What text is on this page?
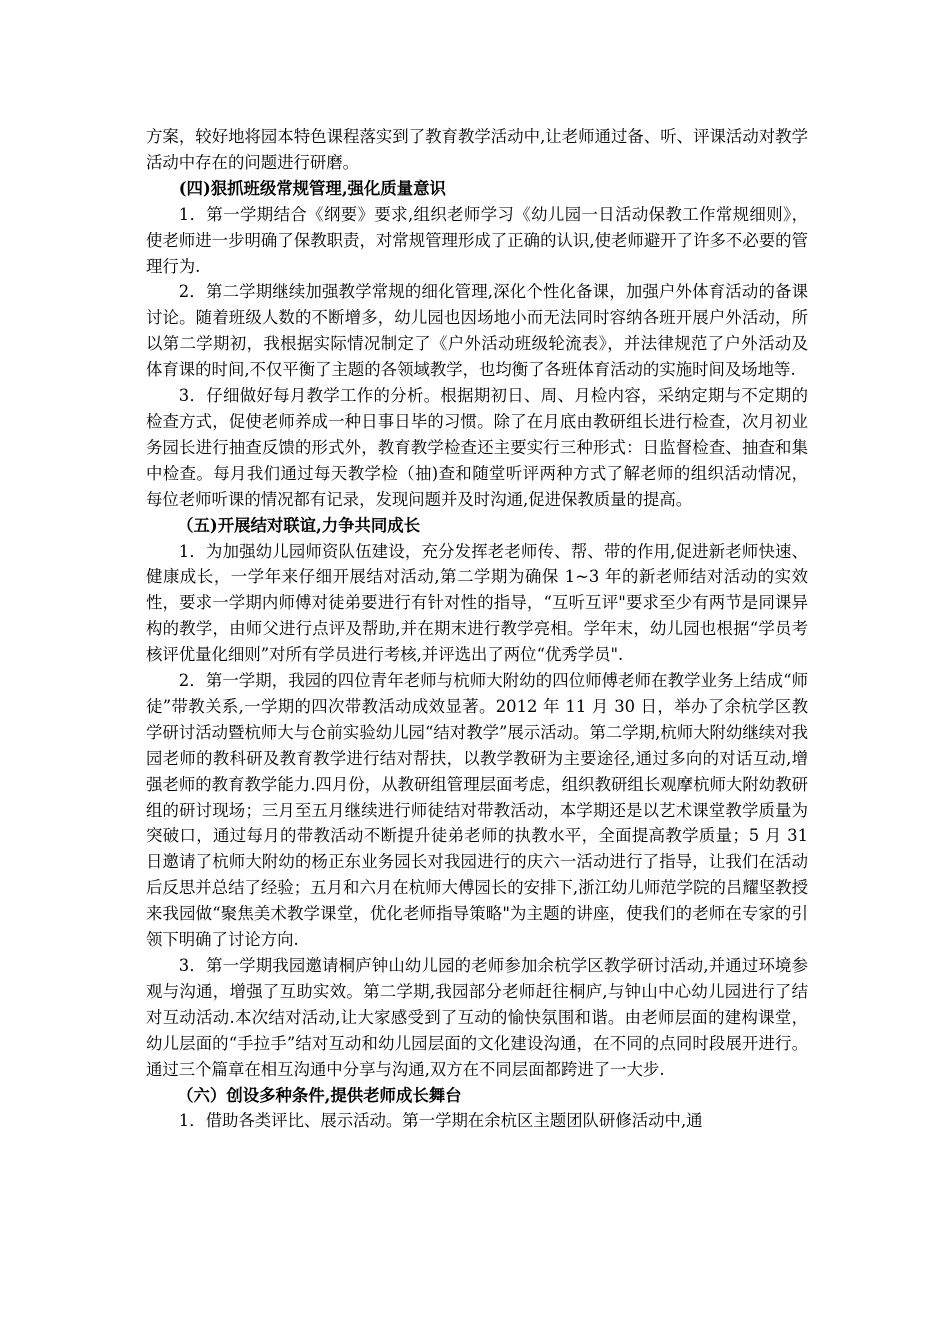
方案，较好地将园本特色课程落实到了教育教学活动中,让老师通过备、听、评课活动对教学活动中存在的问题进行研磨。

(四)狠抓班级常规管理,强化质量意识

1．第一学期结合《纲要》要求,组织老师学习《幼儿园一日活动保教工作常规细则》，使老师进一步明确了保教职责，对常规管理形成了正确的认识,使老师避开了许多不必要的管理行为.

2．第二学期继续加强教学常规的细化管理,深化个性化备课，加强户外体育活动的备课讨论。随着班级人数的不断增多，幼儿园也因场地小而无法同时容纳各班开展户外活动，所以第二学期初，我根据实际情况制定了《户外活动班级轮流表》，并法律规范了户外活动及体育课的时间,不仅平衡了主题的各领域教学，也均衡了各班体育活动的实施时间及场地等.

3．仔细做好每月教学工作的分析。根据期初日、周、月检内容，采纳定期与不定期的检查方式，促使老师养成一种日事日毕的习惯。除了在月底由教研组长进行检查，次月初业务园长进行抽查反馈的形式外，教育教学检查还主要实行三种形式：日监督检查、抽查和集中检查。每月我们通过每天教学检（抽)查和随堂听评两种方式了解老师的组织活动情况，每位老师听课的情况都有记录，发现问题并及时沟通,促进保教质量的提高。

（五)开展结对联谊,力争共同成长

1．为加强幼儿园师资队伍建设，充分发挥老老师传、帮、带的作用,促进新老师快速、健康成长，一学年来仔细开展结对活动,第二学期为确保 1~3 年的新老师结对活动的实效性，要求一学期内师傅对徒弟要进行有针对性的指导，“互听互评"要求至少有两节是同课异构的教学，由师父进行点评及帮助,并在期末进行教学亮相。学年末，幼儿园也根据“学员考核评优量化细则”对所有学员进行考核,并评选出了两位“优秀学员".

2．第一学期，我园的四位青年老师与杭师大附幼的四位师傅老师在教学业务上结成“师徒”带教关系,一学期的四次带教活动成效显著。2012 年 11 月 30 日，举办了余杭学区教学研讨活动暨杭师大与仓前实验幼儿园“结对教学”展示活动。第二学期,杭师大附幼继续对我园老师的教科研及教育教学进行结对帮扶，以教学教研为主要途径,通过多向的对话互动,增强老师的教育教学能力.四月份，从教研组管理层面考虑，组织教研组长观摩杭师大附幼教研组的研讨现场；三月至五月继续进行师徒结对带教活动，本学期还是以艺术课堂教学质量为突破口，通过每月的带教活动不断提升徒弟老师的执教水平，全面提高教学质量；5 月 31 日邀请了杭师大附幼的杨正东业务园长对我园进行的庆六一活动进行了指导，让我们在活动后反思并总结了经验；五月和六月在杭师大傅园长的安排下,浙江幼儿师范学院的吕耀坚教授来我园做“聚焦美术教学课堂，优化老师指导策略"为主题的讲座，使我们的老师在专家的引领下明确了讨论方向.

3．第一学期我园邀请桐庐钟山幼儿园的老师参加余杭学区教学研讨活动,并通过环境参观与沟通，增强了互助实效。第二学期,我园部分老师赶往桐庐,与钟山中心幼儿园进行了结对互动活动.本次结对活动,让大家感受到了互动的愉快氛围和谐。由老师层面的建构课堂，幼儿层面的“手拉手”结对互动和幼儿园层面的文化建设沟通，在不同的点同时段展开进行。通过三个篇章在相互沟通中分享与沟通,双方在不同层面都跨进了一大步.

（六）创设多种条件,提供老师成长舞台

1．借助各类评比、展示活动。第一学期在余杭区主题团队研修活动中,通
